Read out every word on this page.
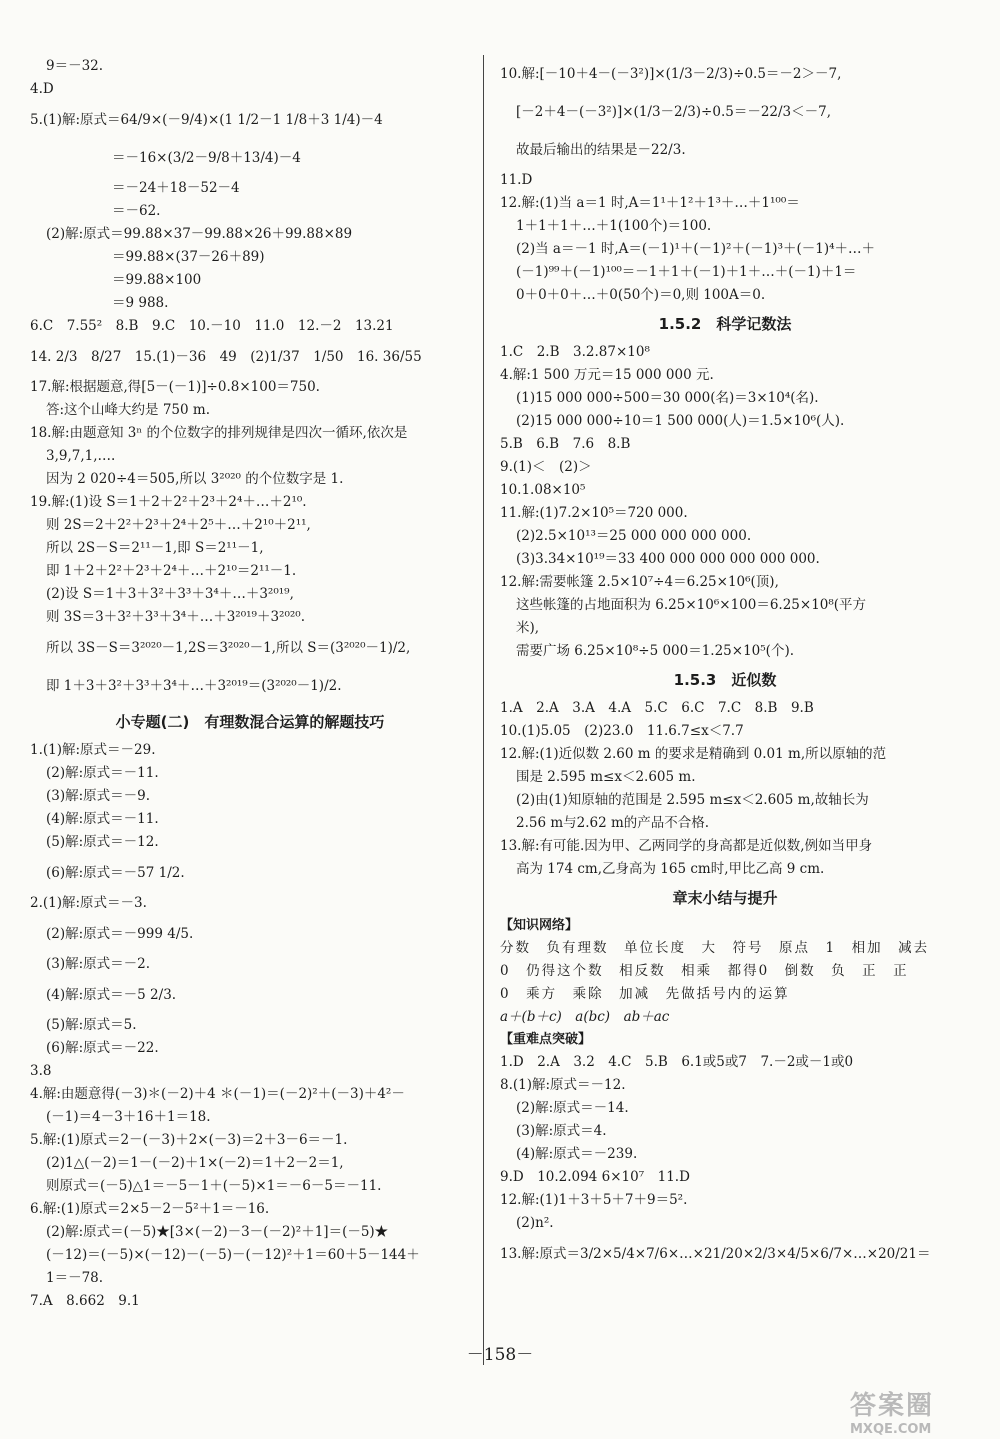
9＝－32.
4.D
5.(1)解:原式＝64/9×(－9/4)×(1 1/2－1 1/8＋3 1/4)－4
＝－16×(3/2－9/8＋13/4)－4
＝－24＋18－52－4
＝－62.
(2)解:原式＝99.88×37－99.88×26＋99.88×89
＝99.88×(37－26＋89)
＝99.88×100
＝9 988.
6.C　7.55²　8.B　9.C　10.－10　11.0　12.－2　13.21
14. 2/3　8/27　15.(1)－36　49　(2)1/37　1/50　16. 36/55
17.解:根据题意,得[5－(－1)]÷0.8×100＝750.
答:这个山峰大约是 750 m.
18.解:由题意知 3ⁿ 的个位数字的排列规律是四次一循环,依次是
3,9,7,1,….
因为 2 020÷4＝505,所以 3²⁰²⁰ 的个位数字是 1.
19.解:(1)设 S＝1＋2＋2²＋2³＋2⁴＋…＋2¹⁰.
则 2S＝2＋2²＋2³＋2⁴＋2⁵＋…＋2¹⁰＋2¹¹,
所以 2S－S＝2¹¹－1,即 S＝2¹¹－1,
即 1＋2＋2²＋2³＋2⁴＋…＋2¹⁰＝2¹¹－1.
(2)设 S＝1＋3＋3²＋3³＋3⁴＋…＋3²⁰¹⁹,
则 3S＝3＋3²＋3³＋3⁴＋…＋3²⁰¹⁹＋3²⁰²⁰.
所以 3S－S＝3²⁰²⁰－1,2S＝3²⁰²⁰－1,所以 S＝(3²⁰²⁰－1)/2,
即 1＋3＋3²＋3³＋3⁴＋…＋3²⁰¹⁹＝(3²⁰²⁰－1)/2.
小专题(二)　有理数混合运算的解题技巧
1.(1)解:原式＝－29.
(2)解:原式＝－11.
(3)解:原式＝－9.
(4)解:原式＝－11.
(5)解:原式＝－12.
(6)解:原式＝－57 1/2.
2.(1)解:原式＝－3.
(2)解:原式＝－999 4/5.
(3)解:原式＝－2.
(4)解:原式＝－5 2/3.
(5)解:原式＝5.
(6)解:原式＝－22.
3.8
4.解:由题意得(－3)＊(－2)＋4 ＊(－1)＝(－2)²＋(－3)＋4²－
(－1)＝4－3＋16＋1＝18.
5.解:(1)原式＝2－(－3)＋2×(－3)＝2＋3－6＝－1.
(2)1△(－2)＝1－(－2)＋1×(－2)＝1＋2－2＝1,
则原式＝(－5)△1＝－5－1＋(－5)×1＝－6－5＝－11.
6.解:(1)原式＝2×5－2－5²＋1＝－16.
(2)解:原式＝(－5)★[3×(－2)－3－(－2)²＋1]＝(－5)★
(－12)＝(－5)×(－12)－(－5)－(－12)²＋1＝60＋5－144＋
1＝－78.
7.A　8.662　9.1
10.解:[－10＋4－(－3²)]×(1/3－2/3)÷0.5＝－2＞－7,
[－2＋4－(－3²)]×(1/3－2/3)÷0.5＝－22/3＜－7,
故最后输出的结果是－22/3.
11.D
12.解:(1)当 a＝1 时,A＝1¹＋1²＋1³＋…＋1¹⁰⁰＝
1＋1＋1＋…＋1(100个)＝100.
(2)当 a＝－1 时,A＝(－1)¹＋(－1)²＋(－1)³＋(－1)⁴＋…＋
(－1)⁹⁹＋(－1)¹⁰⁰＝－1＋1＋(－1)＋1＋…＋(－1)＋1＝
0＋0＋0＋…＋0(50个)＝0,则 100A＝0.
1.5.2　科学记数法
1.C　2.B　3.2.87×10⁸
4.解:1 500 万元＝15 000 000 元.
(1)15 000 000÷500＝30 000(名)＝3×10⁴(名).
(2)15 000 000÷10＝1 500 000(人)＝1.5×10⁶(人).
5.B　6.B　7.6　8.B
9.(1)＜　(2)＞
10.1.08×10⁵
11.解:(1)7.2×10⁵＝720 000.
(2)2.5×10¹³＝25 000 000 000 000.
(3)3.34×10¹⁹＝33 400 000 000 000 000 000.
12.解:需要帐篷 2.5×10⁷÷4＝6.25×10⁶(顶),
这些帐篷的占地面积为 6.25×10⁶×100＝6.25×10⁸(平方
米),
需要广场 6.25×10⁸÷5 000＝1.25×10⁵(个).
1.5.3　近似数
1.A　2.A　3.A　4.A　5.C　6.C　7.C　8.B　9.B
10.(1)5.05　(2)23.0　11.6.7≤x＜7.7
12.解:(1)近似数 2.60 m 的要求是精确到 0.01 m,所以原轴的范
围是 2.595 m≤x＜2.605 m.
(2)由(1)知原轴的范围是 2.595 m≤x＜2.605 m,故轴长为
2.56 m与2.62 m的产品不合格.
13.解:有可能.因为甲、乙两同学的身高都是近似数,例如当甲身
高为 174 cm,乙身高为 165 cm时,甲比乙高 9 cm.
章末小结与提升
【知识网络】
分数　负有理数　单位长度　大　符号　原点　1　相加　减去
0　仍得这个数　相反数　相乘　都得0　倒数　负　正　正
0　乘方　乘除　加减　先做括号内的运算
a＋(b＋c)　a(bc)　ab＋ac
【重难点突破】
1.D　2.A　3.2　4.C　5.B　6.1或5或7　7.－2或－1或0
8.(1)解:原式＝－12.
(2)解:原式＝－14.
(3)解:原式＝4.
(4)解:原式＝－239.
9.D　10.2.094 6×10⁷　11.D
12.解:(1)1＋3＋5＋7＋9＝5².
(2)n².
13.解:原式＝3/2×5/4×7/6×…×21/20×2/3×4/5×6/7×…×20/21＝
－158－
答案圈
MXQE.COM
